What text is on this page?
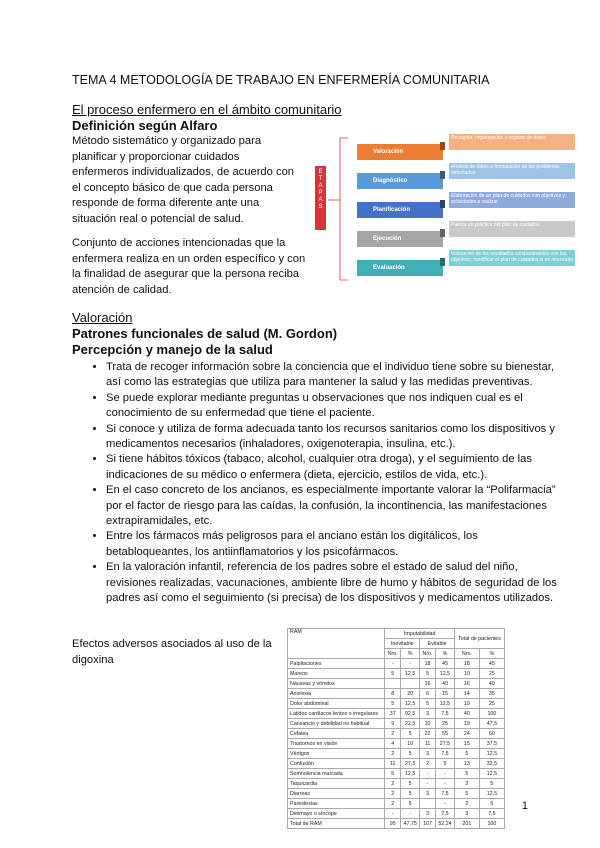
TEMA 4 METODOLOGÍA DE TRABAJO EN ENFERMERÍA COMUNITARIA
El proceso enfermero en el ámbito comunitario
Definición según Alfaro
Método sistemático y organizado para planificar y proporcionar cuidados enfermeros individualizados, de acuerdo con el concepto básico de que cada persona responde de forma diferente ante una situación real o potencial de salud.
Conjunto de acciones intencionadas que la enfermera realiza en un orden específico y con la finalidad de asegurar que la persona reciba atención de calidad.
ETAPAS
Valoración
Recogida, organización y registro de datos
Diagnóstico
Análisis de datos e formulación de los problemas detectados
Planificación
Elaboración de un plan de cuidados con objetivos y actividades a realizar
Ejecución
Puesta en práctica del plan de cuidados
Evaluación
Valoración de los resultados comparándolos con los objetivos; modificar el plan de cuidados si es necesario
Valoración
Patrones funcionales de salud (M. Gordon)
Percepción y manejo de la salud
• Trata de recoger información sobre la conciencia que el individuo tiene sobre su bienestar, así como las estrategias que utiliza para mantener la salud y las medidas preventivas.
• Se puede explorar mediante preguntas u observaciones que nos indiquen cual es el conocimiento de su enfermedad que tiene el paciente.
• Si conoce y utiliza de forma adecuada tanto los recursos sanitarios como los dispositivos y medicamentos necesarios (inhaladores, oxigenoterapia, insulina, etc.).
• Si tiene hábitos tóxicos (tabaco, alcohol, cualquier otra droga), y el seguimiento de las indicaciones de su médico o enfermera (dieta, ejercicio, estilos de vida, etc.).
• En el caso concreto de los ancianos, es especialmente importante valorar la “Polifarmacia” por el factor de riesgo para las caídas, la confusión, la incontinencia, las manifestaciones extrapiramidales, etc.
• Entre los fármacos más peligrosos para el anciano están los digitálicos, los betabloqueantes, los antiinflamatorios y los psicofármacos.
• En la valoración infantil, referencia de los padres sobre el estado de salud del niño, revisiones realizadas, vacunaciones, ambiente libre de humo y hábitos de seguridad de los padres así como el seguimiento (si precisa) de los dispositivos y medicamentos utilizados.
Efectos adversos asociados al uso de la digoxina
RAM	Imputabilidad				Total de pacientes	
	Inevitable		Evitable			
	Nro.	%	Nro.	%	Nro.	%
Palpitaciones	-	-	18	45	18	45
Mareos	5	12,5	5	12,5	10	25
Náuseas y vómitos			16	40	16	40
Anorexia	8	20	6	15	14	35
Dolor abdominal	5	12,5	5	12,5	10	25
Latidos cardíacos lentos o irregulares	37	92,5	3	7,5	40	100
Cansancio y debilidad no habitual	9	22,5	10	25	19	47,5
Cefalea	2	5	22	55	24	60
Trastornos en visión	4	10	11	27,5	15	37,5
Vértigos	2	5	3	7,5	5	12,5
Confusión	11	27,5	2	5	13	32,5
Somnolencia marcada	5	12,5	-	-	5	12,5
Taquicardia	2	5	-	-	2	5
Diarreas	2	5	3	7,5	5	12,5
Parestesias	2	5		-	2	5
Desmayo o síncope	-	-	3	7,5	3	7,5
Total de RAM	95	47,75	107	52,24	201	100
1
